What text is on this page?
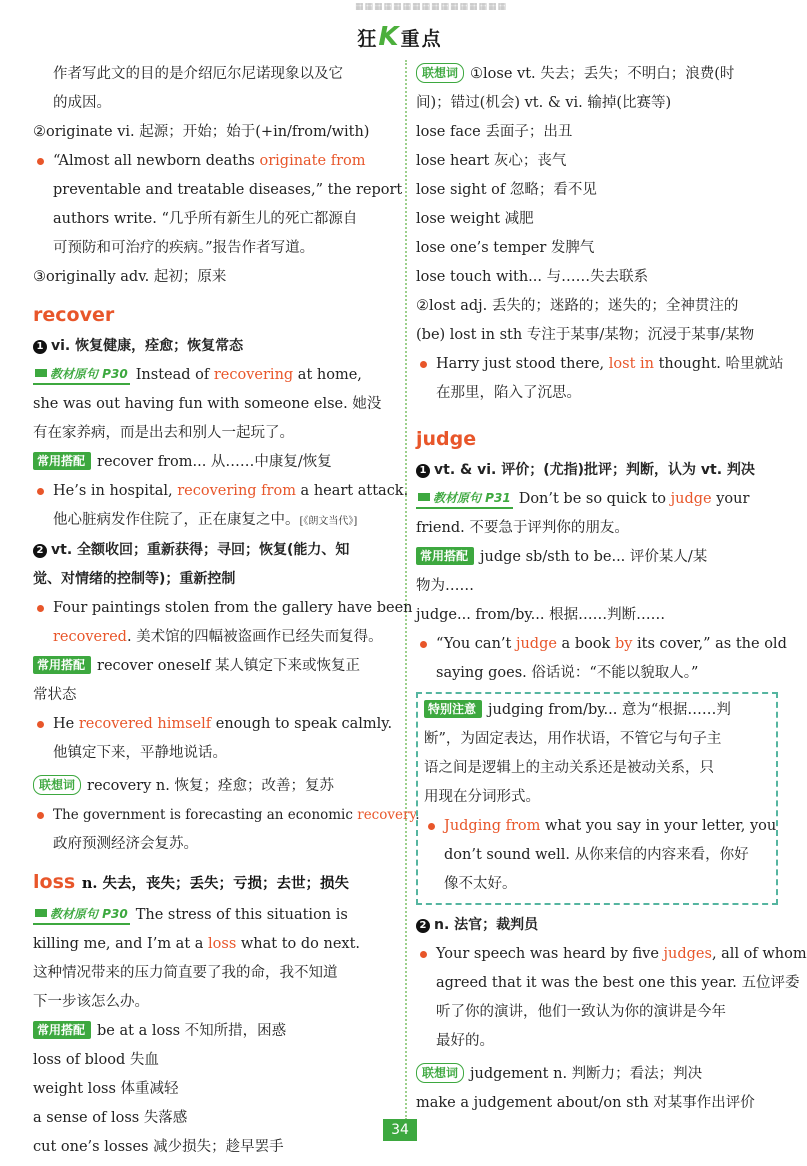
▦▦▦▦▦▦▦▦▦▦▦▦▦▦▦▦
狂K重点
作者写此文的目的是介绍厄尔尼诺现象以及它
的成因。
②originate vi. 起源；开始；始于(+in/from/with)
“Almost all newborn deaths originate from
preventable and treatable diseases,” the report
authors write. “几乎所有新生儿的死亡都源自
可预防和可治疗的疾病。”报告作者写道。
③originally adv. 起初；原来
recover
1 vi. 恢复健康，痊愈；恢复常态
教材原句 P30 Instead of recovering at home,
she was out having fun with someone else. 她没
有在家养病，而是出去和别人一起玩了。
常用搭配 recover from... 从……中康复/恢复
He’s in hospital, recovering from a heart attack.
他心脏病发作住院了，正在康复之中。[《朗文当代》]
2 vt. 全额收回；重新获得；寻回；恢复(能力、知
觉、对情绪的控制等)；重新控制
Four paintings stolen from the gallery have been
recovered. 美术馆的四幅被盗画作已经失而复得。
常用搭配 recover oneself 某人镇定下来或恢复正
常状态
He recovered himself enough to speak calmly.
他镇定下来，平静地说话。
联想词 recovery n. 恢复；痊愈；改善；复苏
The government is forecasting an economic recovery.
政府预测经济会复苏。
loss n. 失去，丧失；丢失；亏损；去世；损失
教材原句 P30 The stress of this situation is
killing me, and I’m at a loss what to do next.
这种情况带来的压力简直要了我的命，我不知道
下一步该怎么办。
常用搭配 be at a loss 不知所措，困惑
loss of blood 失血
weight loss 体重减轻
a sense of loss 失落感
cut one’s losses 减少损失；趁早罢手
联想词 ①lose vt. 失去；丢失；不明白；浪费(时
间)；错过(机会) vt. & vi. 输掉(比赛等)
lose face 丢面子；出丑
lose heart 灰心；丧气
lose sight of 忽略；看不见
lose weight 减肥
lose one’s temper 发脾气
lose touch with... 与……失去联系
②lost adj. 丢失的；迷路的；迷失的；全神贯注的
(be) lost in sth 专注于某事/某物；沉浸于某事/某物
Harry just stood there, lost in thought. 哈里就站
在那里，陷入了沉思。
judge
1 vt. & vi. 评价；(尤指)批评；判断，认为 vt. 判决
教材原句 P31 Don’t be so quick to judge your
friend. 不要急于评判你的朋友。
常用搭配 judge sb/sth to be... 评价某人/某
物为……
judge... from/by... 根据……判断……
“You can’t judge a book by its cover,” as the old
saying goes. 俗话说：“不能以貌取人。”
特别注意 judging from/by... 意为“根据……判
断”，为固定表达，用作状语，不管它与句子主
语之间是逻辑上的主动关系还是被动关系，只
用现在分词形式。
Judging from what you say in your letter, you
don’t sound well. 从你来信的内容来看，你好
像不太好。
2 n. 法官；裁判员
Your speech was heard by five judges, all of whom
agreed that it was the best one this year. 五位评委
听了你的演讲，他们一致认为你的演讲是今年
最好的。
联想词 judgement n. 判断力；看法；判决
make a judgement about/on sth 对某事作出评价
34
